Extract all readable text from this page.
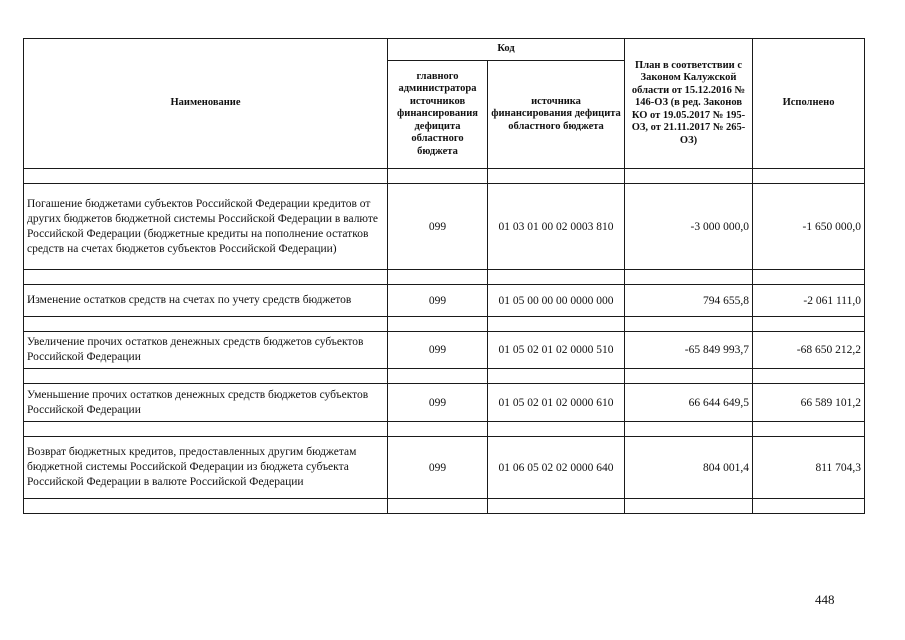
Наименование	Код		План в соответствии с Законом Калужской области от 15.12.2016 № 146-ОЗ (в ред. Законов КО от 19.05.2017 № 195-ОЗ, от 21.11.2017 № 265-ОЗ)	Исполнено
	главного администратора источников финансирования дефицита областного бюджета	источника финансирования дефицита областного бюджета		

Погашение бюджетами субъектов Российской Федерации кредитов от других бюджетов бюджетной системы Российской Федерации в валюте Российской Федерации (бюджетные кредиты на пополнение остатков средств на счетах бюджетов субъектов Российской Федерации)	099	01 03 01 00 02 0003 810	-3 000 000,0	-1 650 000,0

Изменение остатков средств на счетах по учету средств бюджетов	099	01 05 00 00 00 0000 000	794 655,8	-2 061 111,0

Увеличение прочих остатков денежных средств бюджетов субъектов Российской Федерации	099	01 05 02 01 02 0000 510	-65 849 993,7	-68 650 212,2

Уменьшение прочих остатков денежных средств бюджетов субъектов Российской Федерации	099	01 05 02 01 02 0000 610	66 644 649,5	66 589 101,2

Возврат бюджетных кредитов, предоставленных другим бюджетам бюджетной системы Российской Федерации из бюджета субъекта Российской Федерации в валюте Российской Федерации	099	01 06 05 02 02 0000 640	804 001,4	811 704,3

448
